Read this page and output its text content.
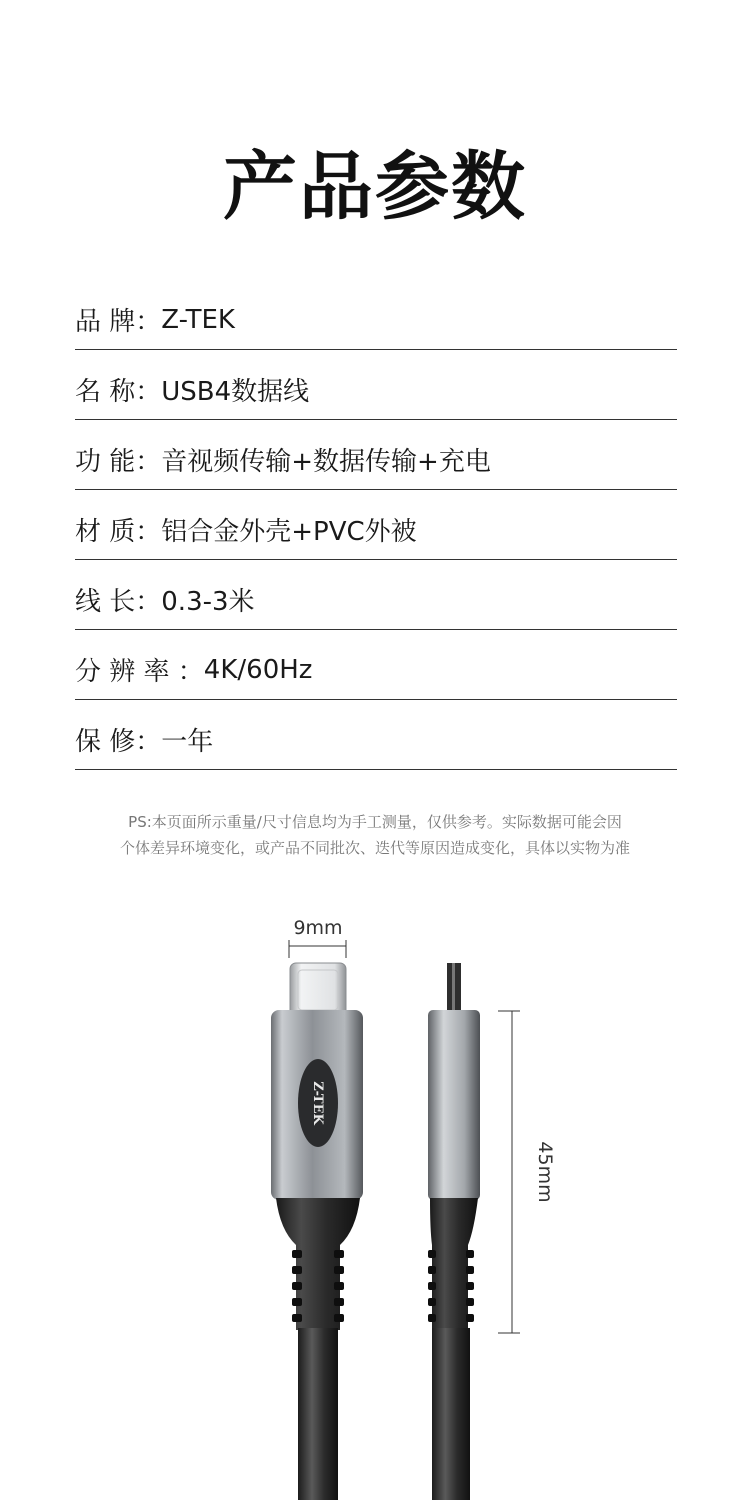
产品参数
品 牌： Z-TEK
名 称： USB4数据线
功 能： 音视频传输+数据传输+充电
材 质： 铝合金外壳+PVC外被
线 长： 0.3-3米
分 辨 率 ： 4K/60Hz
保 修： 一年
PS:本页面所示重量/尺寸信息均为手工测量，仅供参考。实际数据可能会因
个体差异环境变化，或产品不同批次、迭代等原因造成变化，具体以实物为准
9mm
Z-TEK
45mm
